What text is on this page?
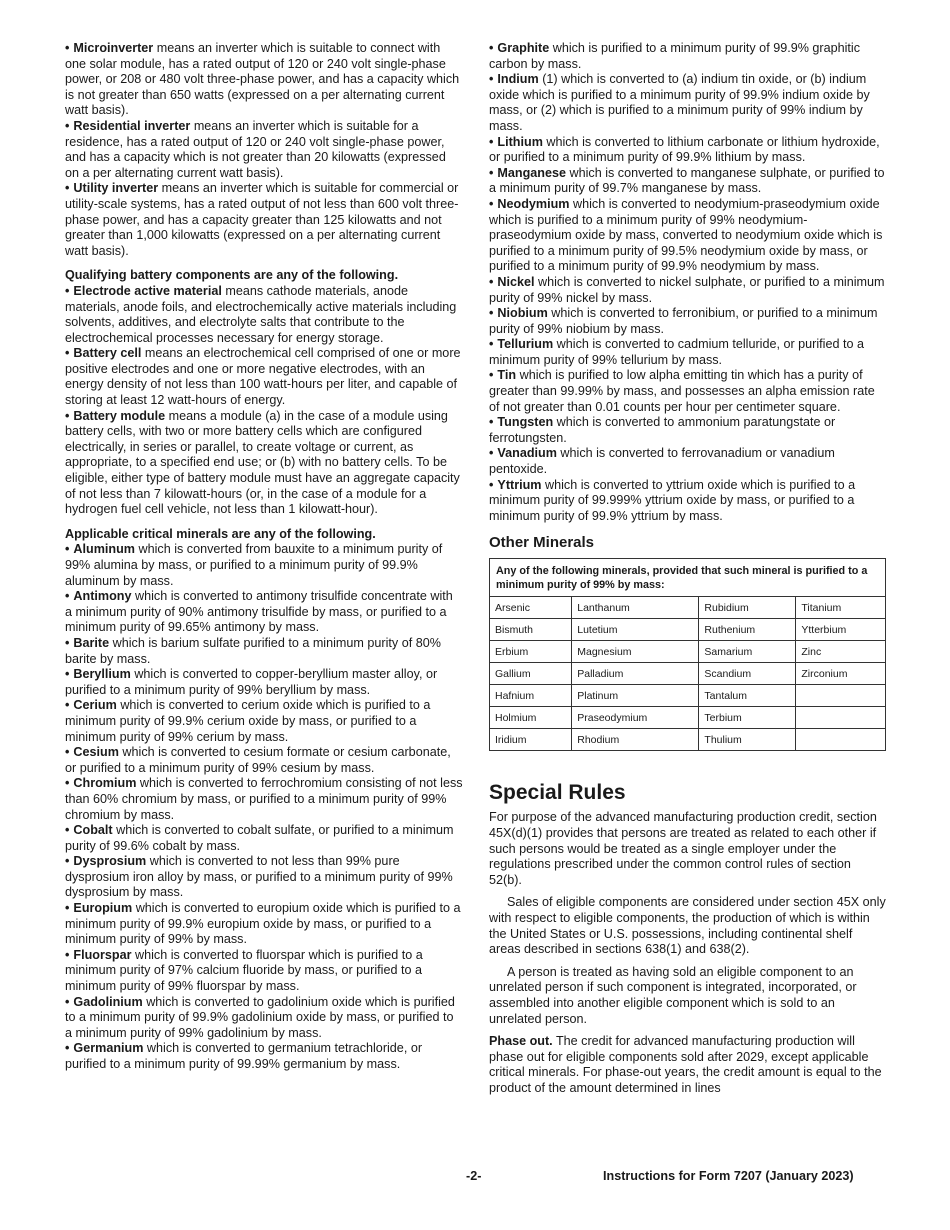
• Microinverter means an inverter which is suitable to connect with one solar module, has a rated output of 120 or 240 volt single-phase power, or 208 or 480 volt three-phase power, and has a capacity which is not greater than 650 watts (expressed on a per alternating current watt basis).

• Residential inverter means an inverter which is suitable for a residence, has a rated output of 120 or 240 volt single-phase power, and has a capacity which is not greater than 20 kilowatts (expressed on a per alternating current watt basis).

• Utility inverter means an inverter which is suitable for commercial or utility-scale systems, has a rated output of not less than 600 volt three-phase power, and has a capacity greater than 125 kilowatts and not greater than 1,000 kilowatts (expressed on a per alternating current watt basis).

Qualifying battery components are any of the following.

• Electrode active material means cathode materials, anode materials, anode foils, and electrochemically active materials including solvents, additives, and electrolyte salts that contribute to the electrochemical processes necessary for energy storage.

• Battery cell means an electrochemical cell comprised of one or more positive electrodes and one or more negative electrodes, with an energy density of not less than 100 watt-hours per liter, and capable of storing at least 12 watt-hours of energy.

• Battery module means a module (a) in the case of a module using battery cells, with two or more battery cells which are configured electrically, in series or parallel, to create voltage or current, as appropriate, to a specified end use; or (b) with no battery cells. To be eligible, either type of battery module must have an aggregate capacity of not less than 7 kilowatt-hours (or, in the case of a module for a hydrogen fuel cell vehicle, not less than 1 kilowatt-hour).

Applicable critical minerals are any of the following.

• Aluminum which is converted from bauxite to a minimum purity of 99% alumina by mass, or purified to a minimum purity of 99.9% aluminum by mass.

• Antimony which is converted to antimony trisulfide concentrate with a minimum purity of 90% antimony trisulfide by mass, or purified to a minimum purity of 99.65% antimony by mass.

• Barite which is barium sulfate purified to a minimum purity of 80% barite by mass.

• Beryllium which is converted to copper-beryllium master alloy, or purified to a minimum purity of 99% beryllium by mass.

• Cerium which is converted to cerium oxide which is purified to a minimum purity of 99.9% cerium oxide by mass, or purified to a minimum purity of 99% cerium by mass.

• Cesium which is converted to cesium formate or cesium carbonate, or purified to a minimum purity of 99% cesium by mass.

• Chromium which is converted to ferrochromium consisting of not less than 60% chromium by mass, or purified to a minimum purity of 99% chromium by mass.

• Cobalt which is converted to cobalt sulfate, or purified to a minimum purity of 99.6% cobalt by mass.

• Dysprosium which is converted to not less than 99% pure dysprosium iron alloy by mass, or purified to a minimum purity of 99% dysprosium by mass.

• Europium which is converted to europium oxide which is purified to a minimum purity of 99.9% europium oxide by mass, or purified to a minimum purity of 99% by mass.

• Fluorspar which is converted to fluorspar which is purified to a minimum purity of 97% calcium fluoride by mass, or purified to a minimum purity of 99% fluorspar by mass.

• Gadolinium which is converted to gadolinium oxide which is purified to a minimum purity of 99.9% gadolinium oxide by mass, or purified to a minimum purity of 99% gadolinium by mass.

• Germanium which is converted to germanium tetrachloride, or purified to a minimum purity of 99.99% germanium by mass.

• Graphite which is purified to a minimum purity of 99.9% graphitic carbon by mass.

• Indium (1) which is converted to (a) indium tin oxide, or (b) indium oxide which is purified to a minimum purity of 99.9% indium oxide by mass, or (2) which is purified to a minimum purity of 99% indium by mass.

• Lithium which is converted to lithium carbonate or lithium hydroxide, or purified to a minimum purity of 99.9% lithium by mass.

• Manganese which is converted to manganese sulphate, or purified to a minimum purity of 99.7% manganese by mass.

• Neodymium which is converted to neodymium-praseodymium oxide which is purified to a minimum purity of 99% neodymium-praseodymium oxide by mass, converted to neodymium oxide which is purified to a minimum purity of 99.5% neodymium oxide by mass, or purified to a minimum purity of 99.9% neodymium by mass.

• Nickel which is converted to nickel sulphate, or purified to a minimum purity of 99% nickel by mass.

• Niobium which is converted to ferronibium, or purified to a minimum purity of 99% niobium by mass.

• Tellurium which is converted to cadmium telluride, or purified to a minimum purity of 99% tellurium by mass.

• Tin which is purified to low alpha emitting tin which has a purity of greater than 99.99% by mass, and possesses an alpha emission rate of not greater than 0.01 counts per hour per centimeter square.

• Tungsten which is converted to ammonium paratungstate or ferrotungsten.

• Vanadium which is converted to ferrovanadium or vanadium pentoxide.

• Yttrium which is converted to yttrium oxide which is purified to a minimum purity of 99.999% yttrium oxide by mass, or purified to a minimum purity of 99.9% yttrium by mass.

Other Minerals
Any of the following minerals, provided that such mineral is purified to a minimum purity of 99% by mass:			
Arsenic	Lanthanum	Rubidium	Titanium
Bismuth	Lutetium	Ruthenium	Ytterbium
Erbium	Magnesium	Samarium	Zinc
Gallium	Palladium	Scandium	Zirconium
Hafnium	Platinum	Tantalum	
Holmium	Praseodymium	Terbium	
Iridium	Rhodium	Thulium	
Special Rules

For purpose of the advanced manufacturing production credit, section 45X(d)(1) provides that persons are treated as related to each other if such persons would be treated as a single employer under the regulations prescribed under the common control rules of section 52(b).

Sales of eligible components are considered under section 45X only with respect to eligible components, the production of which is within the United States or U.S. possessions, including continental shelf areas described in sections 638(1) and 638(2).

A person is treated as having sold an eligible component to an unrelated person if such component is integrated, incorporated, or assembled into another eligible component which is sold to an unrelated person.

Phase out. The credit for advanced manufacturing production will phase out for eligible components sold after 2029, except applicable critical minerals. For phase-out years, the credit amount is equal to the product of the amount determined in lines

-2-	Instructions for Form 7207 (January 2023)
